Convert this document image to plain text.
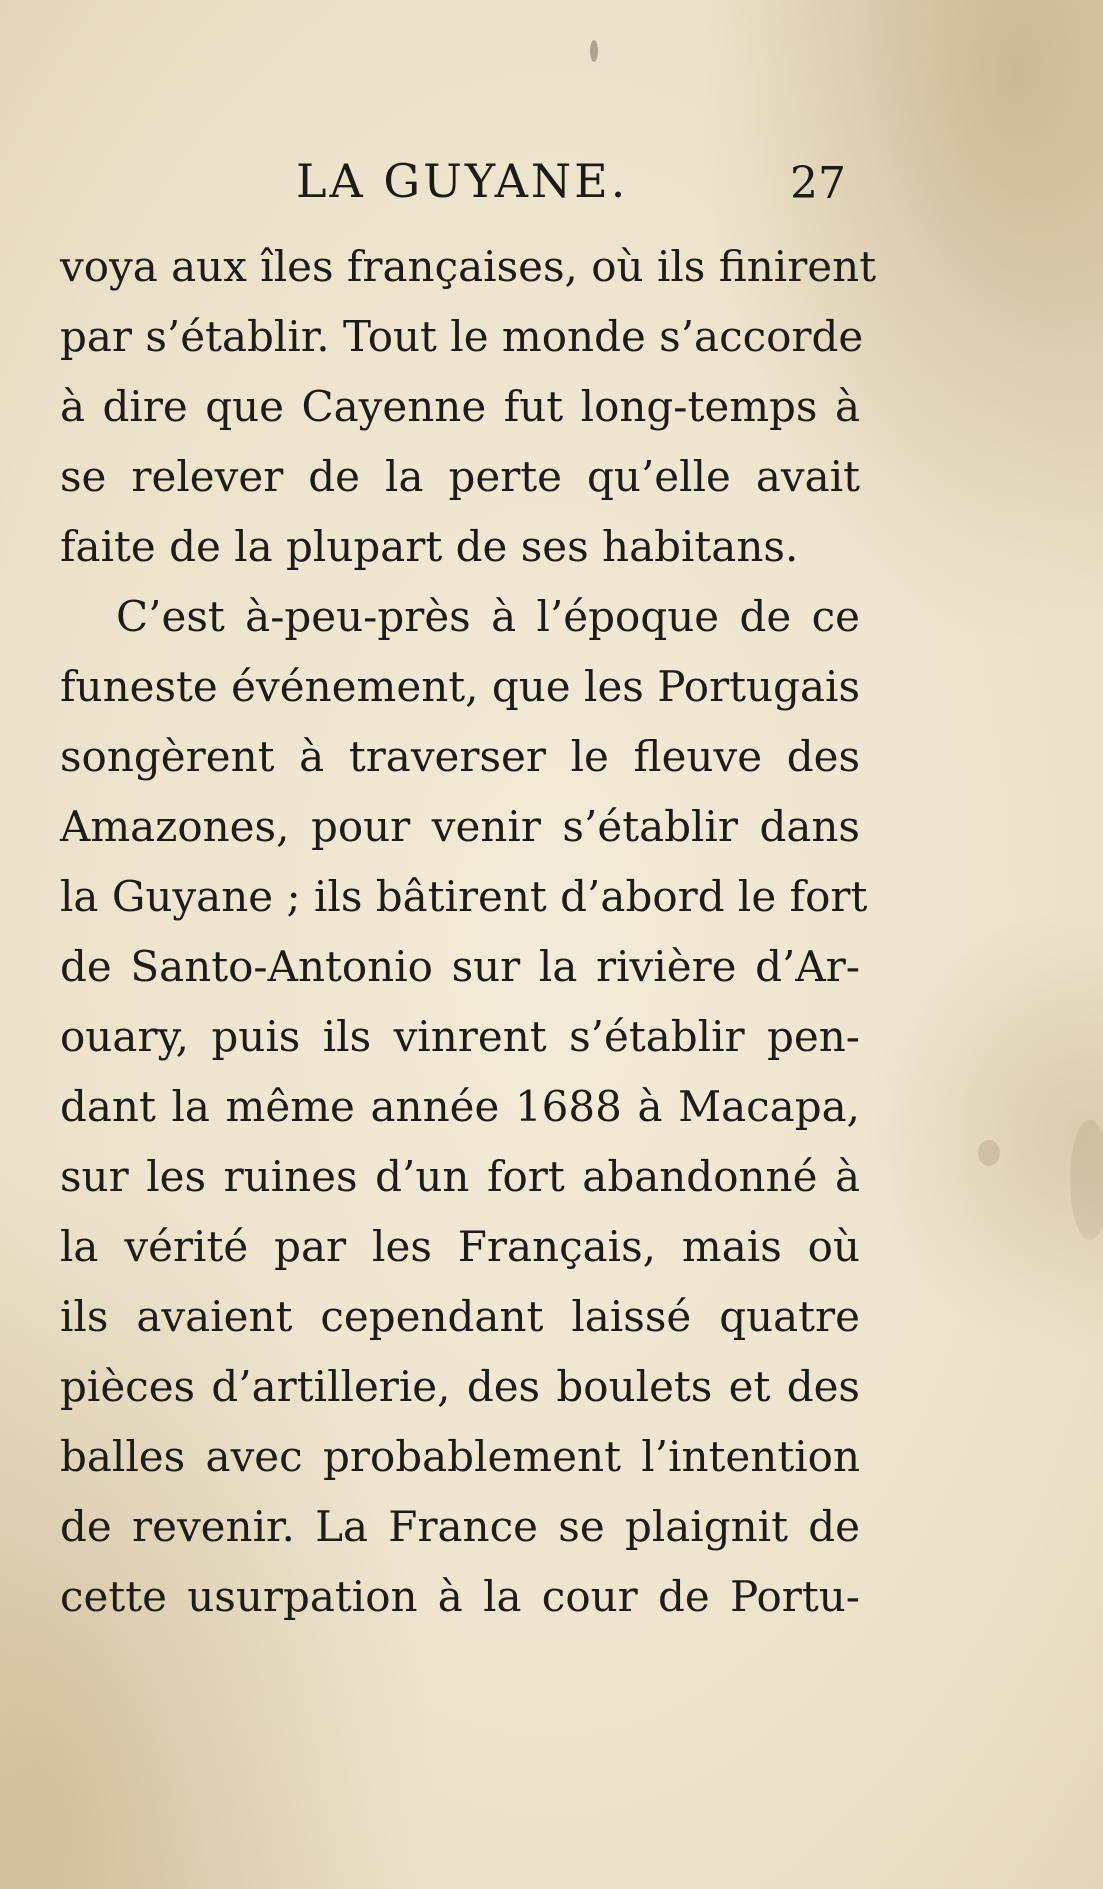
LA GUYANE.	27
voya aux îles françaises, où ils finirent
par s’établir. Tout le monde s’accorde
à dire que Cayenne fut long-temps à
se relever de la perte qu’elle avait
faite de la plupart de ses habitans.
C’est à-peu-près à l’époque de ce
funeste événement, que les Portugais
songèrent à traverser le fleuve des
Amazones, pour venir s’établir dans
la Guyane ; ils bâtirent d’abord le fort
de Santo-Antonio sur la rivière d’Ar-
ouary, puis ils vinrent s’établir pen-
dant la même année 1688 à Macapa,
sur les ruines d’un fort abandonné à
la vérité par les Français, mais où
ils avaient cependant laissé quatre
pièces d’artillerie, des boulets et des
balles avec probablement l’intention
de revenir. La France se plaignit de
cette usurpation à la cour de Portu-
